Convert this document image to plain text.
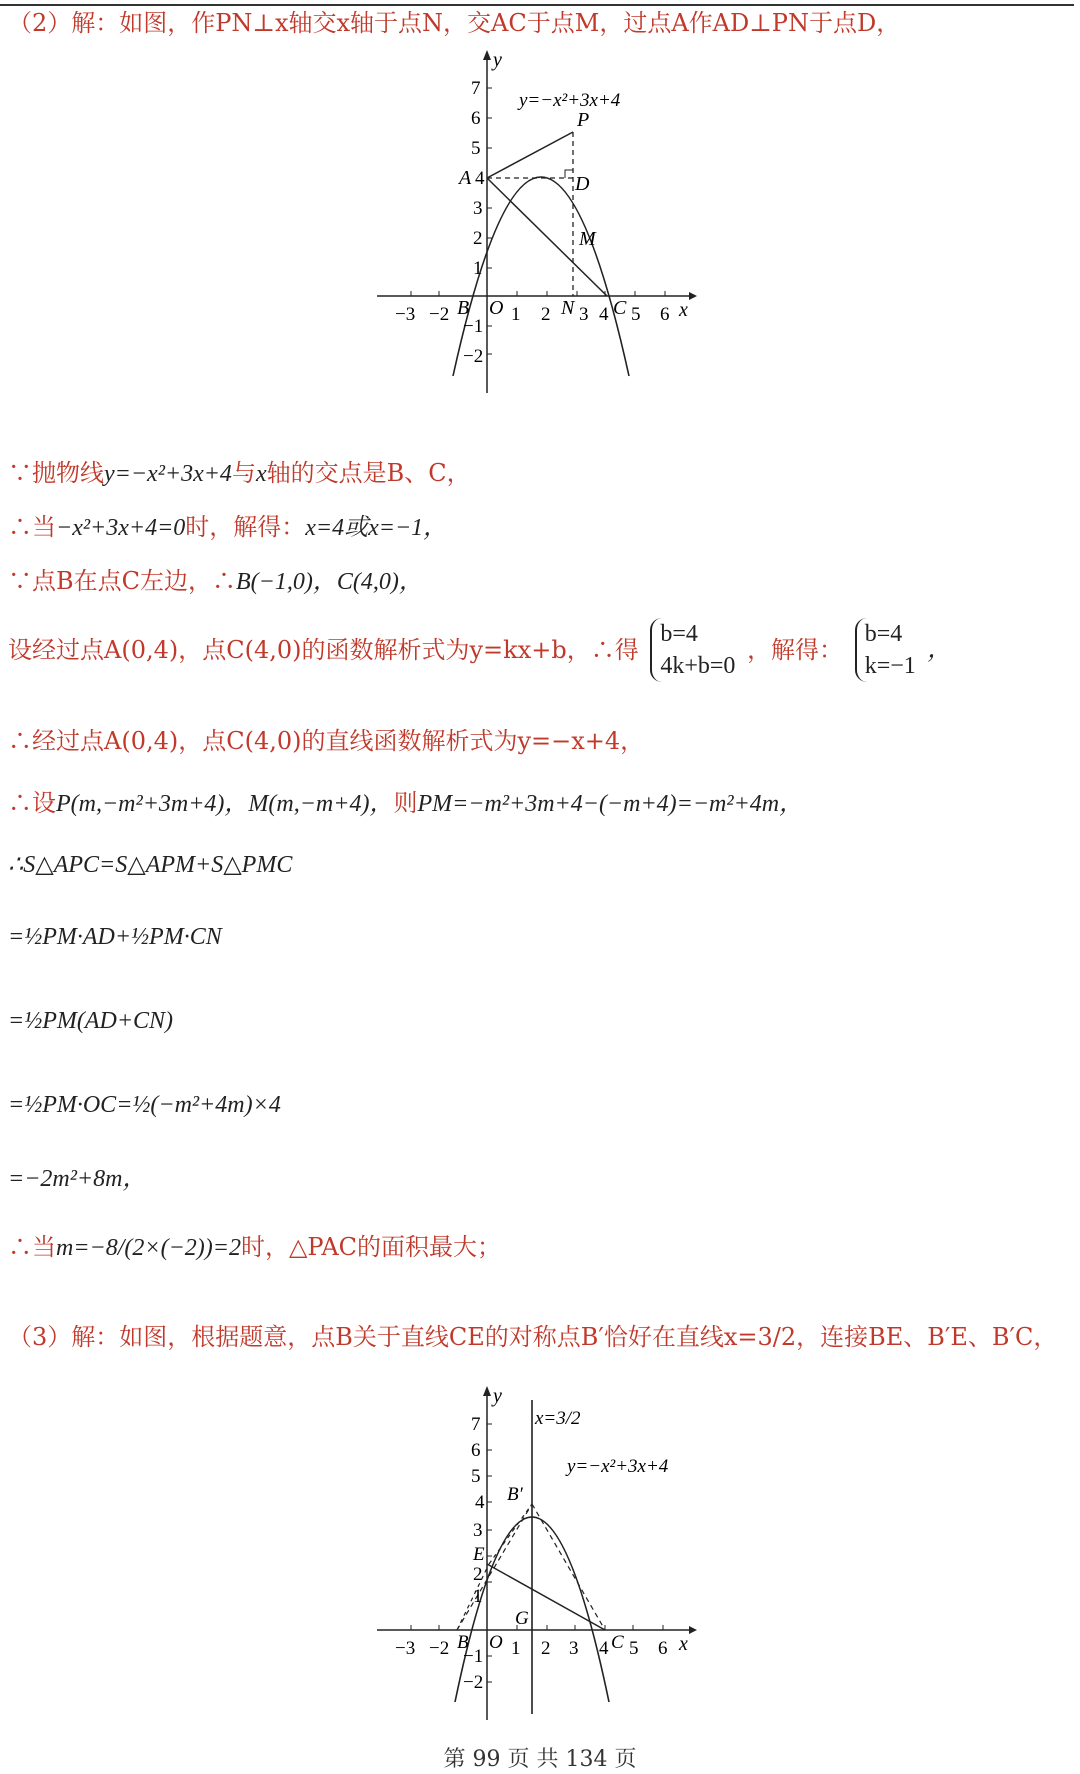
（2）解：如图，作PN⊥x轴交x轴于点N，交AC于点M，过点A作AD⊥PN于点D，
y
x
y=−x²+3x+4
P
D
M
A
B O	N C
−3 −2	1 2 3 4 5 6
7
6
5
4
3
2
1
−1
−2
∵抛物线y=−x²+3x+4与x轴的交点是B、C，
∴当−x²+3x+4=0时，解得：x=4或x=−1，
∵点B在点C左边，∴B(−1,0)，C(4,0)，
设经过点A(0,4)，点C(4,0)的函数解析式为y=kx+b，∴得
b=4
4k+b=0
，解得：
b=4
k=−1
，
∴经过点A(0,4)，点C(4,0)的直线函数解析式为y=−x+4，
∴设P(m,−m²+3m+4)，M(m,−m+4)，则PM=−m²+3m+4−(−m+4)=−m²+4m，
∴S△APC=S△APM+S△PMC
=½PM·AD+½PM·CN
=½PM(AD+CN)
=½PM·OC=½(−m²+4m)×4
=−2m²+8m，
∴当m=−8/(2×(−2))=2时，△PAC的面积最大；
（3）解：如图，根据题意，点B关于直线CE的对称点B′恰好在直线x=3/2，连接BE、B′E、B′C，
y
x
x=3/2
y=−x²+3x+4
B′
E
G
B O	C
−3 −2	1 2 3 4 5 6
7
6
5
4
3
2
1
−1
−2
第 99 页 共 134 页
